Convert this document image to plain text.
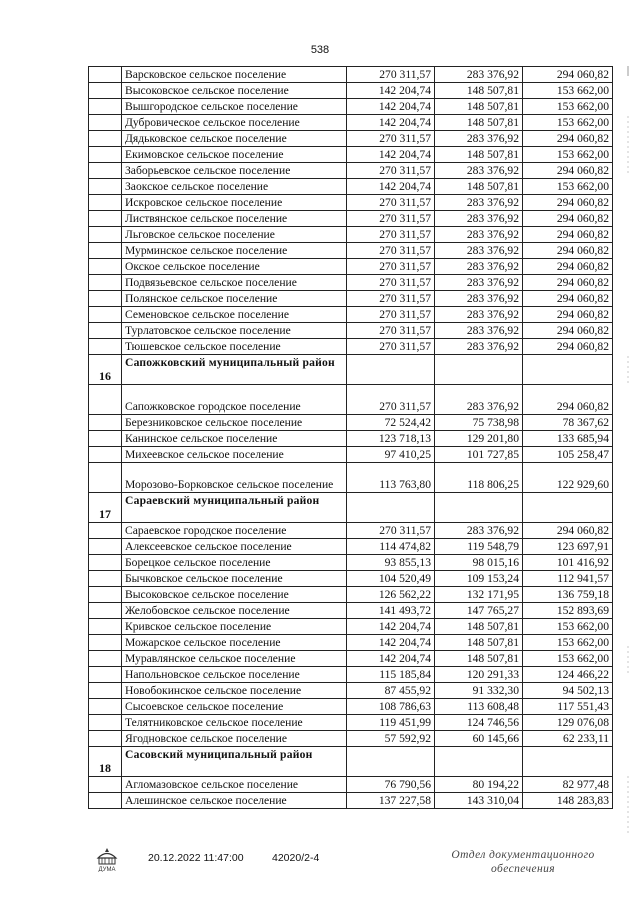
538
	Варсковское сельское поселение	270 311,57	283 376,92	294 060,82
	Высоковское сельское поселение	142 204,74	148 507,81	153 662,00
	Вышгородское сельское поселение	142 204,74	148 507,81	153 662,00
	Дубровичеcкое сельское поселение	142 204,74	148 507,81	153 662,00
	Дядьковское сельское поселение	270 311,57	283 376,92	294 060,82
	Екимовское сельское поселение	142 204,74	148 507,81	153 662,00
	Заборьевское сельское поселение	270 311,57	283 376,92	294 060,82
	Заокское сельское поселение	142 204,74	148 507,81	153 662,00
	Искровское сельское поселение	270 311,57	283 376,92	294 060,82
	Листвянское сельское поселение	270 311,57	283 376,92	294 060,82
	Льговское сельское поселение	270 311,57	283 376,92	294 060,82
	Мурминское сельское поселение	270 311,57	283 376,92	294 060,82
	Окское сельское поселение	270 311,57	283 376,92	294 060,82
	Подвязьевское сельское поселение	270 311,57	283 376,92	294 060,82
	Полянское сельское поселение	270 311,57	283 376,92	294 060,82
	Семеновское сельское поселение	270 311,57	283 376,92	294 060,82
	Турлатовское сельское поселение	270 311,57	283 376,92	294 060,82
	Тюшевское сельское поселение	270 311,57	283 376,92	294 060,82
16	Сапожковский муниципальный район			
	Сапожковское городское поселение	270 311,57	283 376,92	294 060,82
	Березниковское сельское поселение	72 524,42	75 738,98	78 367,62
	Канинское сельское поселение	123 718,13	129 201,80	133 685,94
	Михеевское сельское поселение	97 410,25	101 727,85	105 258,47
	Морозово-Борковское сельское поселение	113 763,80	118 806,25	122 929,60
17	Сараевский муниципальный район			
	Сараевское городское поселение	270 311,57	283 376,92	294 060,82
	Алексеевское сельское поселение	114 474,82	119 548,79	123 697,91
	Борецкое сельское поселение	93 855,13	98 015,16	101 416,92
	Бычковское сельское поселение	104 520,49	109 153,24	112 941,57
	Высоковское сельское поселение	126 562,22	132 171,95	136 759,18
	Желобовское сельское поселение	141 493,72	147 765,27	152 893,69
	Кривское сельское поселение	142 204,74	148 507,81	153 662,00
	Можарское сельское поселение	142 204,74	148 507,81	153 662,00
	Муравлянское сельское поселение	142 204,74	148 507,81	153 662,00
	Напольновское сельское поселение	115 185,84	120 291,33	124 466,22
	Новобокинское сельское поселение	87 455,92	91 332,30	94 502,13
	Сысоевское сельское поселение	108 786,63	113 608,48	117 551,43
	Телятниковское сельское поселение	119 451,99	124 746,56	129 076,08
	Ягодновское сельское поселение	57 592,92	60 145,66	62 233,11
18	Сасовский муниципальный район			
	Агломазовское сельское поселение	76 790,56	80 194,22	82 977,48
	Алешинское сельское поселение	137 227,58	143 310,04	148 283,83
ДУМА
20.12.2022 11:47:00	42020/2-4	Отдел документационного
обеспечения
